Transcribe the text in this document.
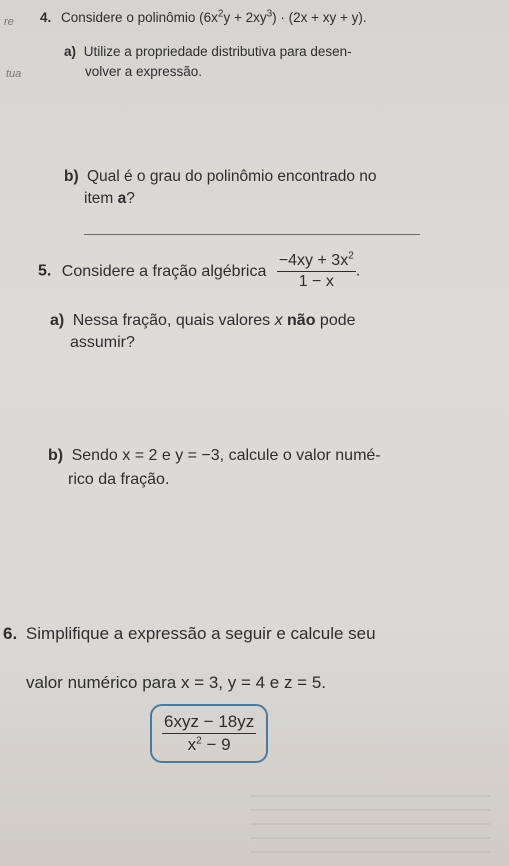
re
tua
4. Considere o polinômio $(6x^2y + 2xy^3) \cdot (2x$ + xy + y).
a) Utilize a propriedade distributiva para desen-
volver a expressão.
b) Qual é o grau do polinômio encontrado no
item a?
5. Considere a fração algébrica $\frac{-4xy + 3x^2}{1 - x}$ .
a) Nessa fração, quais valores x não pode
assumir?
b) Sendo x = 2 e y = −3, calcule o valor numé-
rico da fração.
6. Simplifique a expressão a seguir e calcule seu
valor numérico para x = 3, y = 4 e z = 5.
$\frac{\text{6xyz − 18yz}}{x^2 - 9}$
